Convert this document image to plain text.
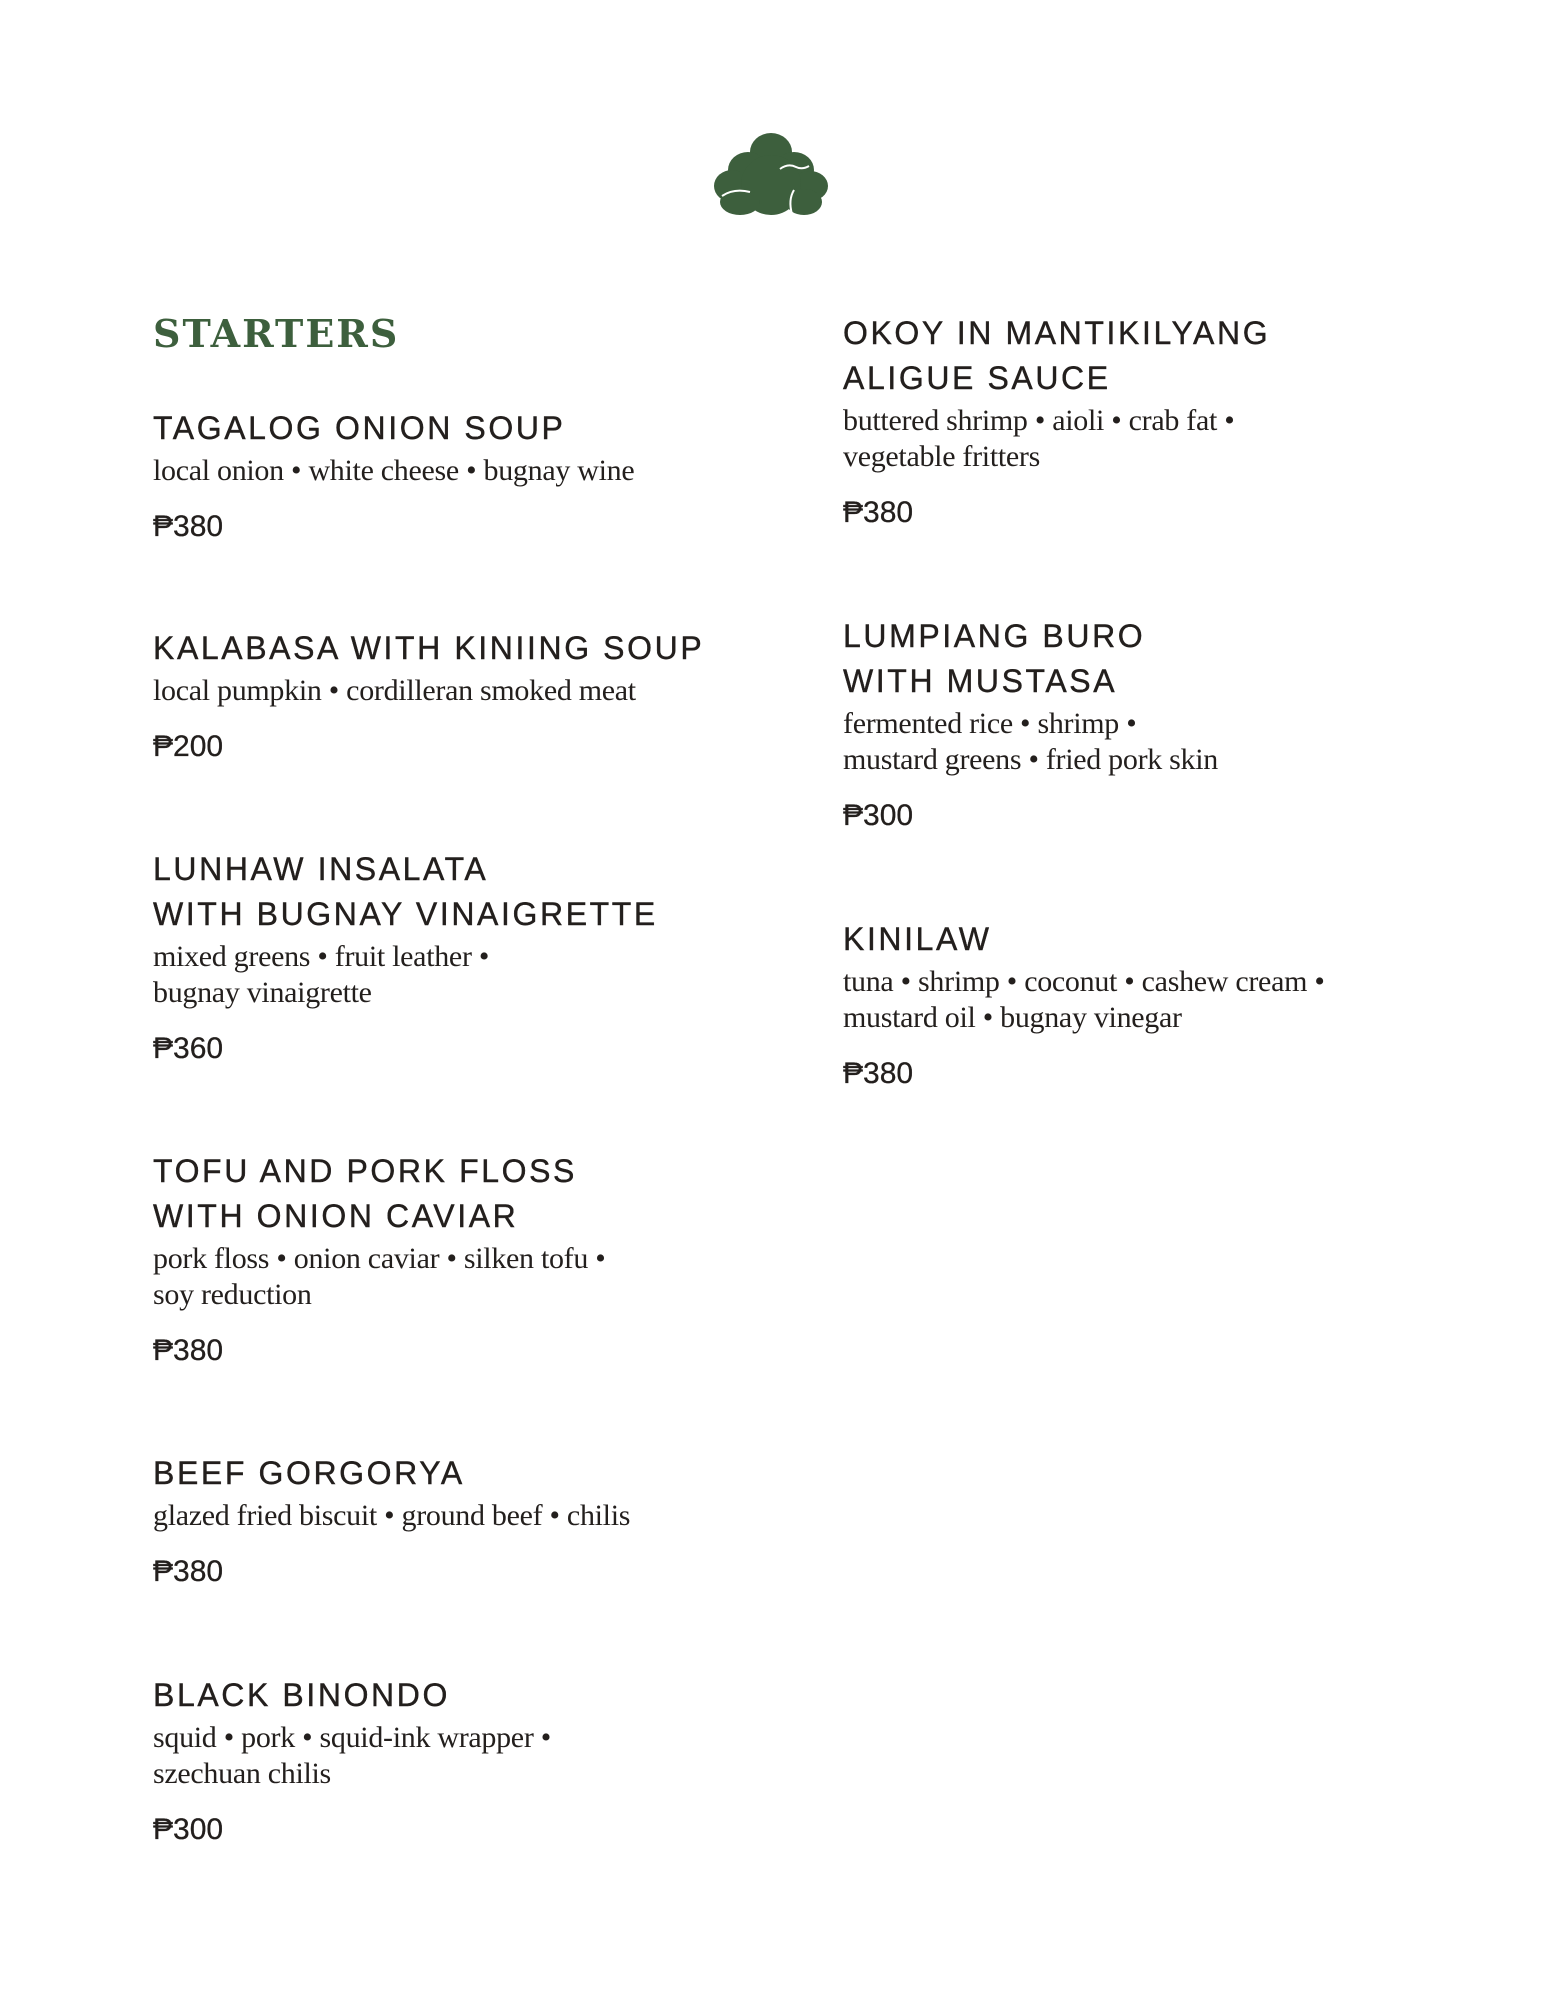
STARTERS
TAGALOG ONION SOUP

local onion • white cheese • bugnay wine

₱380

KALABASA WITH KINIING SOUP

local pumpkin • cordilleran smoked meat

₱200

LUNHAW INSALATA
WITH BUGNAY VINAIGRETTE

mixed greens • fruit leather •
bugnay vinaigrette

₱360

TOFU AND PORK FLOSS
WITH ONION CAVIAR

pork floss • onion caviar • silken tofu •
soy reduction

₱380

BEEF GORGORYA

glazed fried biscuit • ground beef • chilis

₱380

BLACK BINONDO

squid • pork • squid-ink wrapper •
szechuan chilis

₱300

OKOY IN MANTIKILYANG
ALIGUE SAUCE

buttered shrimp • aioli • crab fat •
vegetable fritters

₱380

LUMPIANG BURO
WITH MUSTASA

fermented rice • shrimp •
mustard greens • fried pork skin

₱300

KINILAW

tuna • shrimp • coconut • cashew cream •
mustard oil • bugnay vinegar

₱380
